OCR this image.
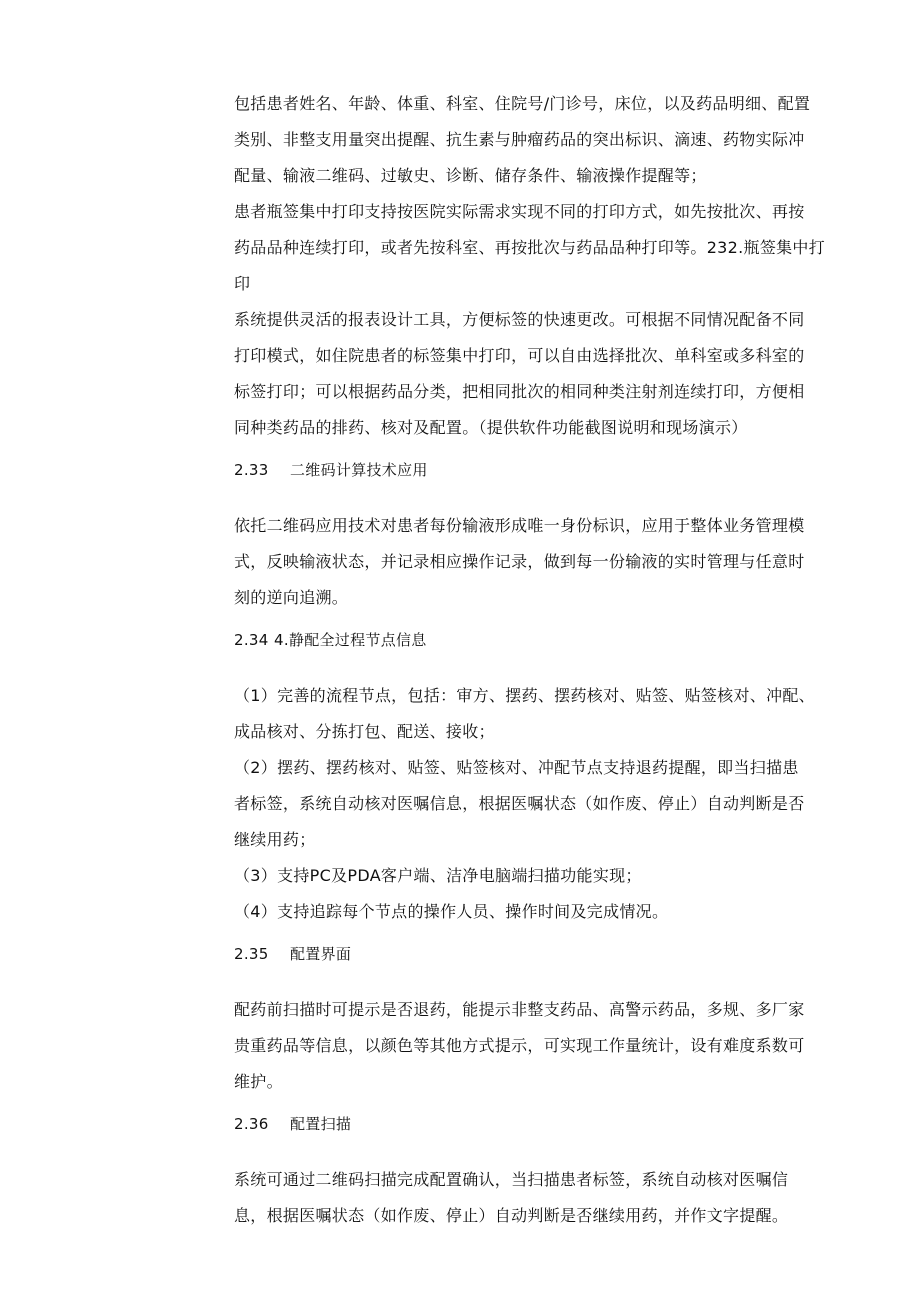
包括患者姓名、年龄、体重、科室、住院号/门诊号，床位，以及药品明细、配置
类别、非整支用量突出提醒、抗生素与肿瘤药品的突出标识、滴速、药物实际冲
配量、输液二维码、过敏史、诊断、储存条件、输液操作提醒等；
患者瓶签集中打印支持按医院实际需求实现不同的打印方式，如先按批次、再按
药品品种连续打印，或者先按科室、再按批次与药品品种打印等。232.瓶签集中打
印
系统提供灵活的报表设计工具，方便标签的快速更改。可根据不同情况配备不同
打印模式，如住院患者的标签集中打印，可以自由选择批次、单科室或多科室的
标签打印；可以根据药品分类，把相同批次的相同种类注射剂连续打印，方便相
同种类药品的排药、核对及配置。（提供软件功能截图说明和现场演示）
2.33 二维码计算技术应用
依托二维码应用技术对患者每份输液形成唯一身份标识，应用于整体业务管理模
式，反映输液状态，并记录相应操作记录，做到每一份输液的实时管理与任意时
刻的逆向追溯。
2.34 4.静配全过程节点信息
（1）完善的流程节点，包括：审方、摆药、摆药核对、贴签、贴签核对、冲配、
成品核对、分拣打包、配送、接收；
（2）摆药、摆药核对、贴签、贴签核对、冲配节点支持退药提醒，即当扫描患
者标签，系统自动核对医嘱信息，根据医嘱状态（如作废、停止）自动判断是否
继续用药；
（3）支持PC及PDA客户端、洁净电脑端扫描功能实现；
（4）支持追踪每个节点的操作人员、操作时间及完成情况。
2.35 配置界面
配药前扫描时可提示是否退药，能提示非整支药品、高警示药品，多规、多厂家
贵重药品等信息，以颜色等其他方式提示，可实现工作量统计，设有难度系数可
维护。
2.36 配置扫描
系统可通过二维码扫描完成配置确认，当扫描患者标签，系统自动核对医嘱信
息，根据医嘱状态（如作废、停止）自动判断是否继续用药，并作文字提醒。
